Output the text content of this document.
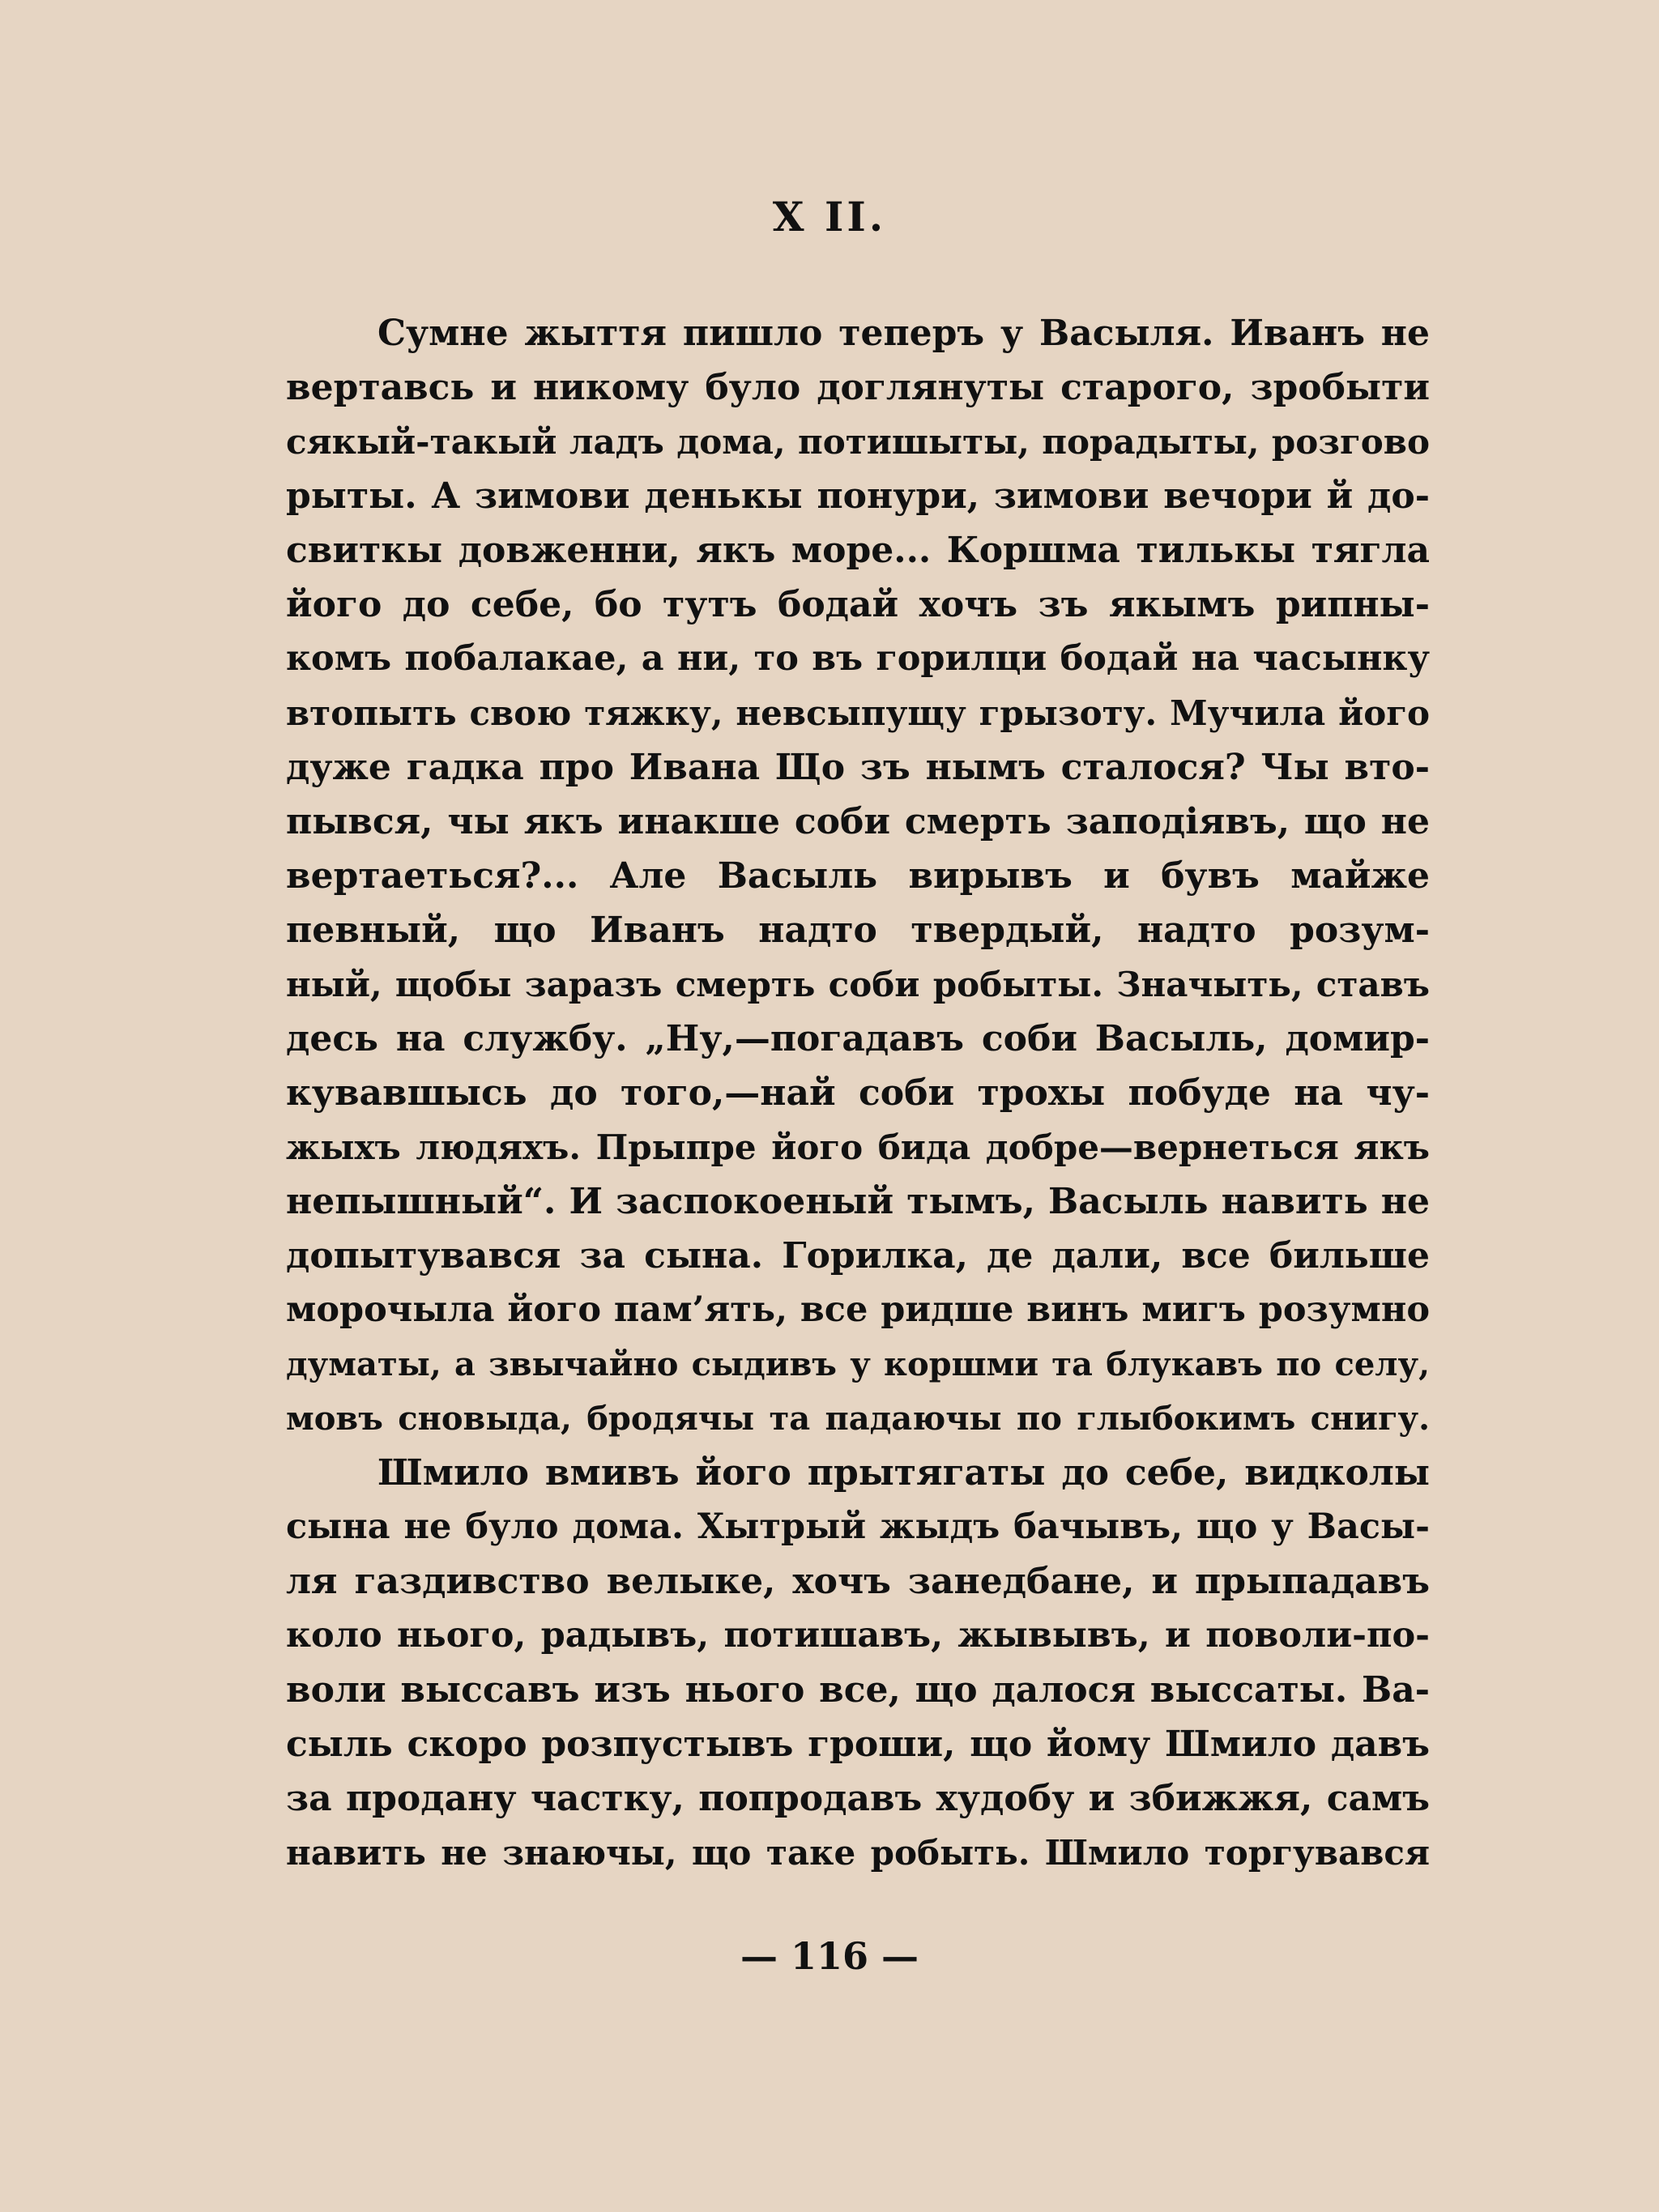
X II.
Сумне жыття пишло теперъ у Васыля. Иванъ не
вертавсь и никому було доглянуты старого, зробыти
сякый-такый ладъ дома, потишыты, порадыты, розгово
рыты. А зимови денькы понури, зимови вечори й до-
свиткы довженни, якъ море... Коршма тилькы тягла
його до себе, бо тутъ бодай хочъ зъ якымъ рипны-
комъ побалакае, а ни, то въ горилци бодай на часынку
втопыть свою тяжку, невсыпущу грызоту. Мучила його
дуже гадка про Ивана Що зъ нымъ сталося? Чы вто-
пывся, чы якъ инакше соби смерть заподіявъ, що не
вертаеться?... Але Васыль вирывъ и бувъ майже
певный, що Иванъ надто твердый, надто розум-
ный, щобы заразъ смерть соби робыты. Значыть, ставъ
десь на службу. „Ну,—погадавъ соби Васыль, домир-
кувавшысь до того,—най соби трохы побуде на чу-
жыхъ людяхъ. Прыпре його бида добре—вернеться якъ
непышный“. И заспокоеный тымъ, Васыль навить не
допытувався за сына. Горилка, де дали, все бильше
морочыла його пам’ять, все ридше винъ мигъ розумно
думаты, а звычайно сыдивъ у коршми та блукавъ по селу,
мовъ сновыда, бродячы та падаючы по глыбокимъ снигу.
Шмило вмивъ його прытягаты до себе, видколы
сына не було дома. Хытрый жыдъ бачывъ, що у Васы-
ля газдивство велыке, хочъ занедбане, и прыпадавъ
коло нього, радывъ, потишавъ, жывывъ, и поволи-по-
воли выссавъ изъ нього все, що далося выссаты. Ва-
сыль скоро розпустывъ гроши, що йому Шмило давъ
за продану частку, попродавъ худобу и збижжя, самъ
навить не знаючы, що таке робыть. Шмило торгувався
— 116 —
